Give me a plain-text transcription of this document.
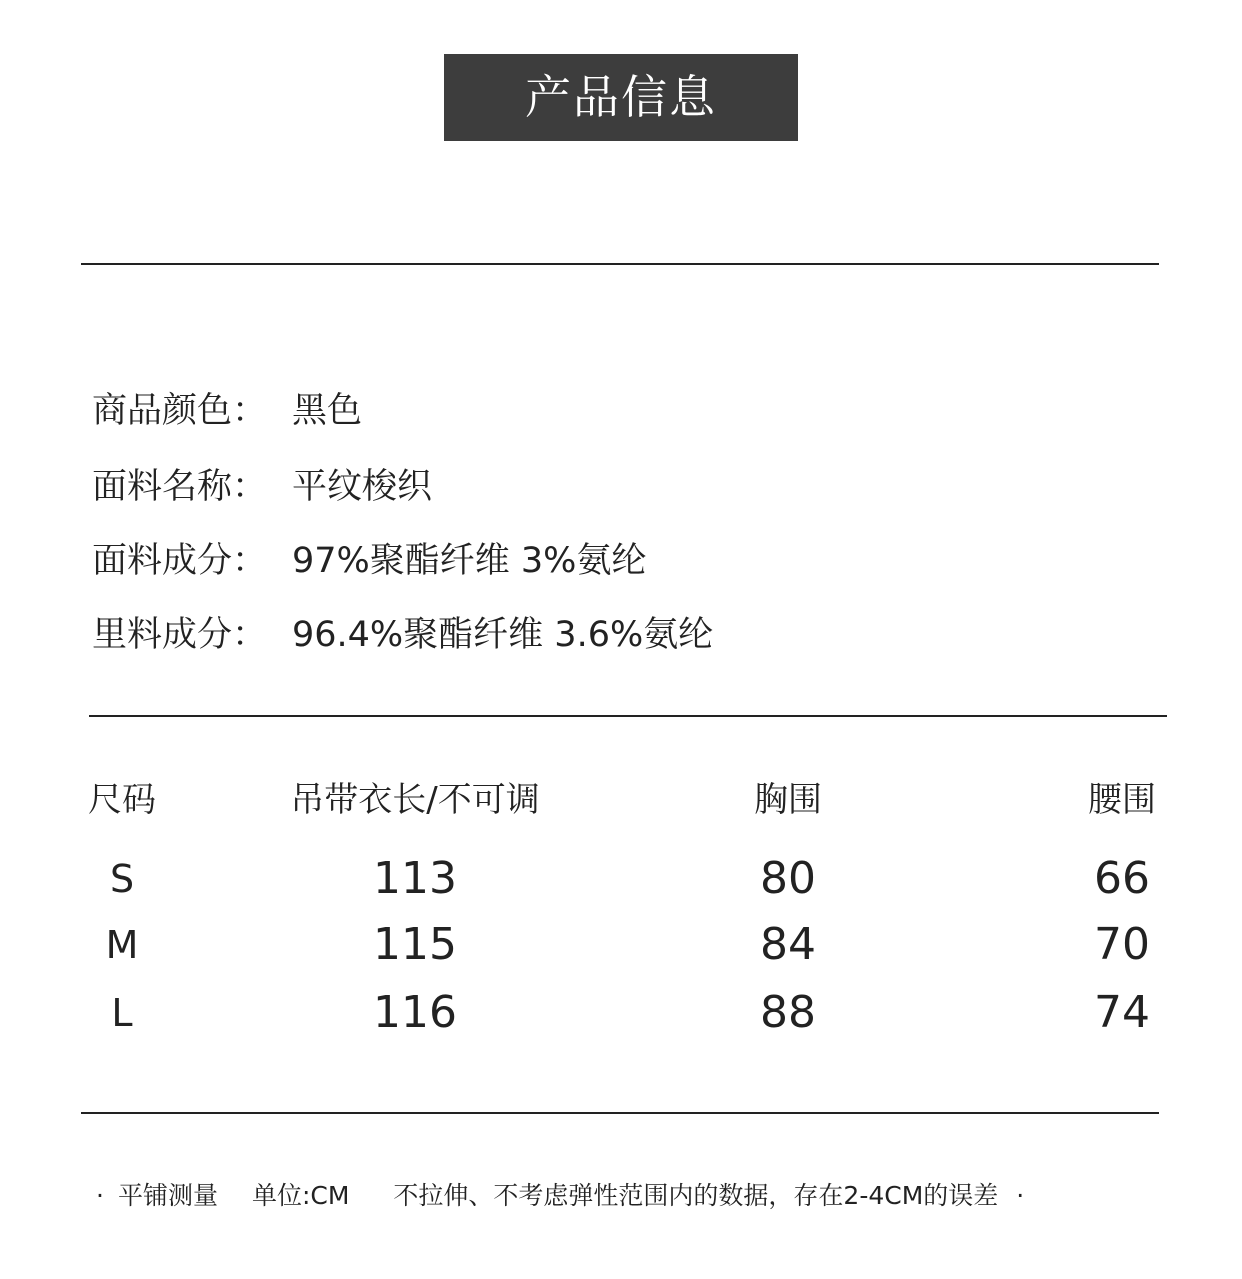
产品信息
商品颜色： 黑色
面料名称： 平纹梭织
面料成分： 97%聚酯纤维 3%氨纶
里料成分： 96.4%聚酯纤维 3.6%氨纶
尺码	吊带衣长/不可调	胸围	腰围
S	113	80	66
M	115	84	70
L	116	88	74
· 平铺测量 单位:CM 不拉伸、不考虑弹性范围内的数据，存在2-4CM的误差 ·
